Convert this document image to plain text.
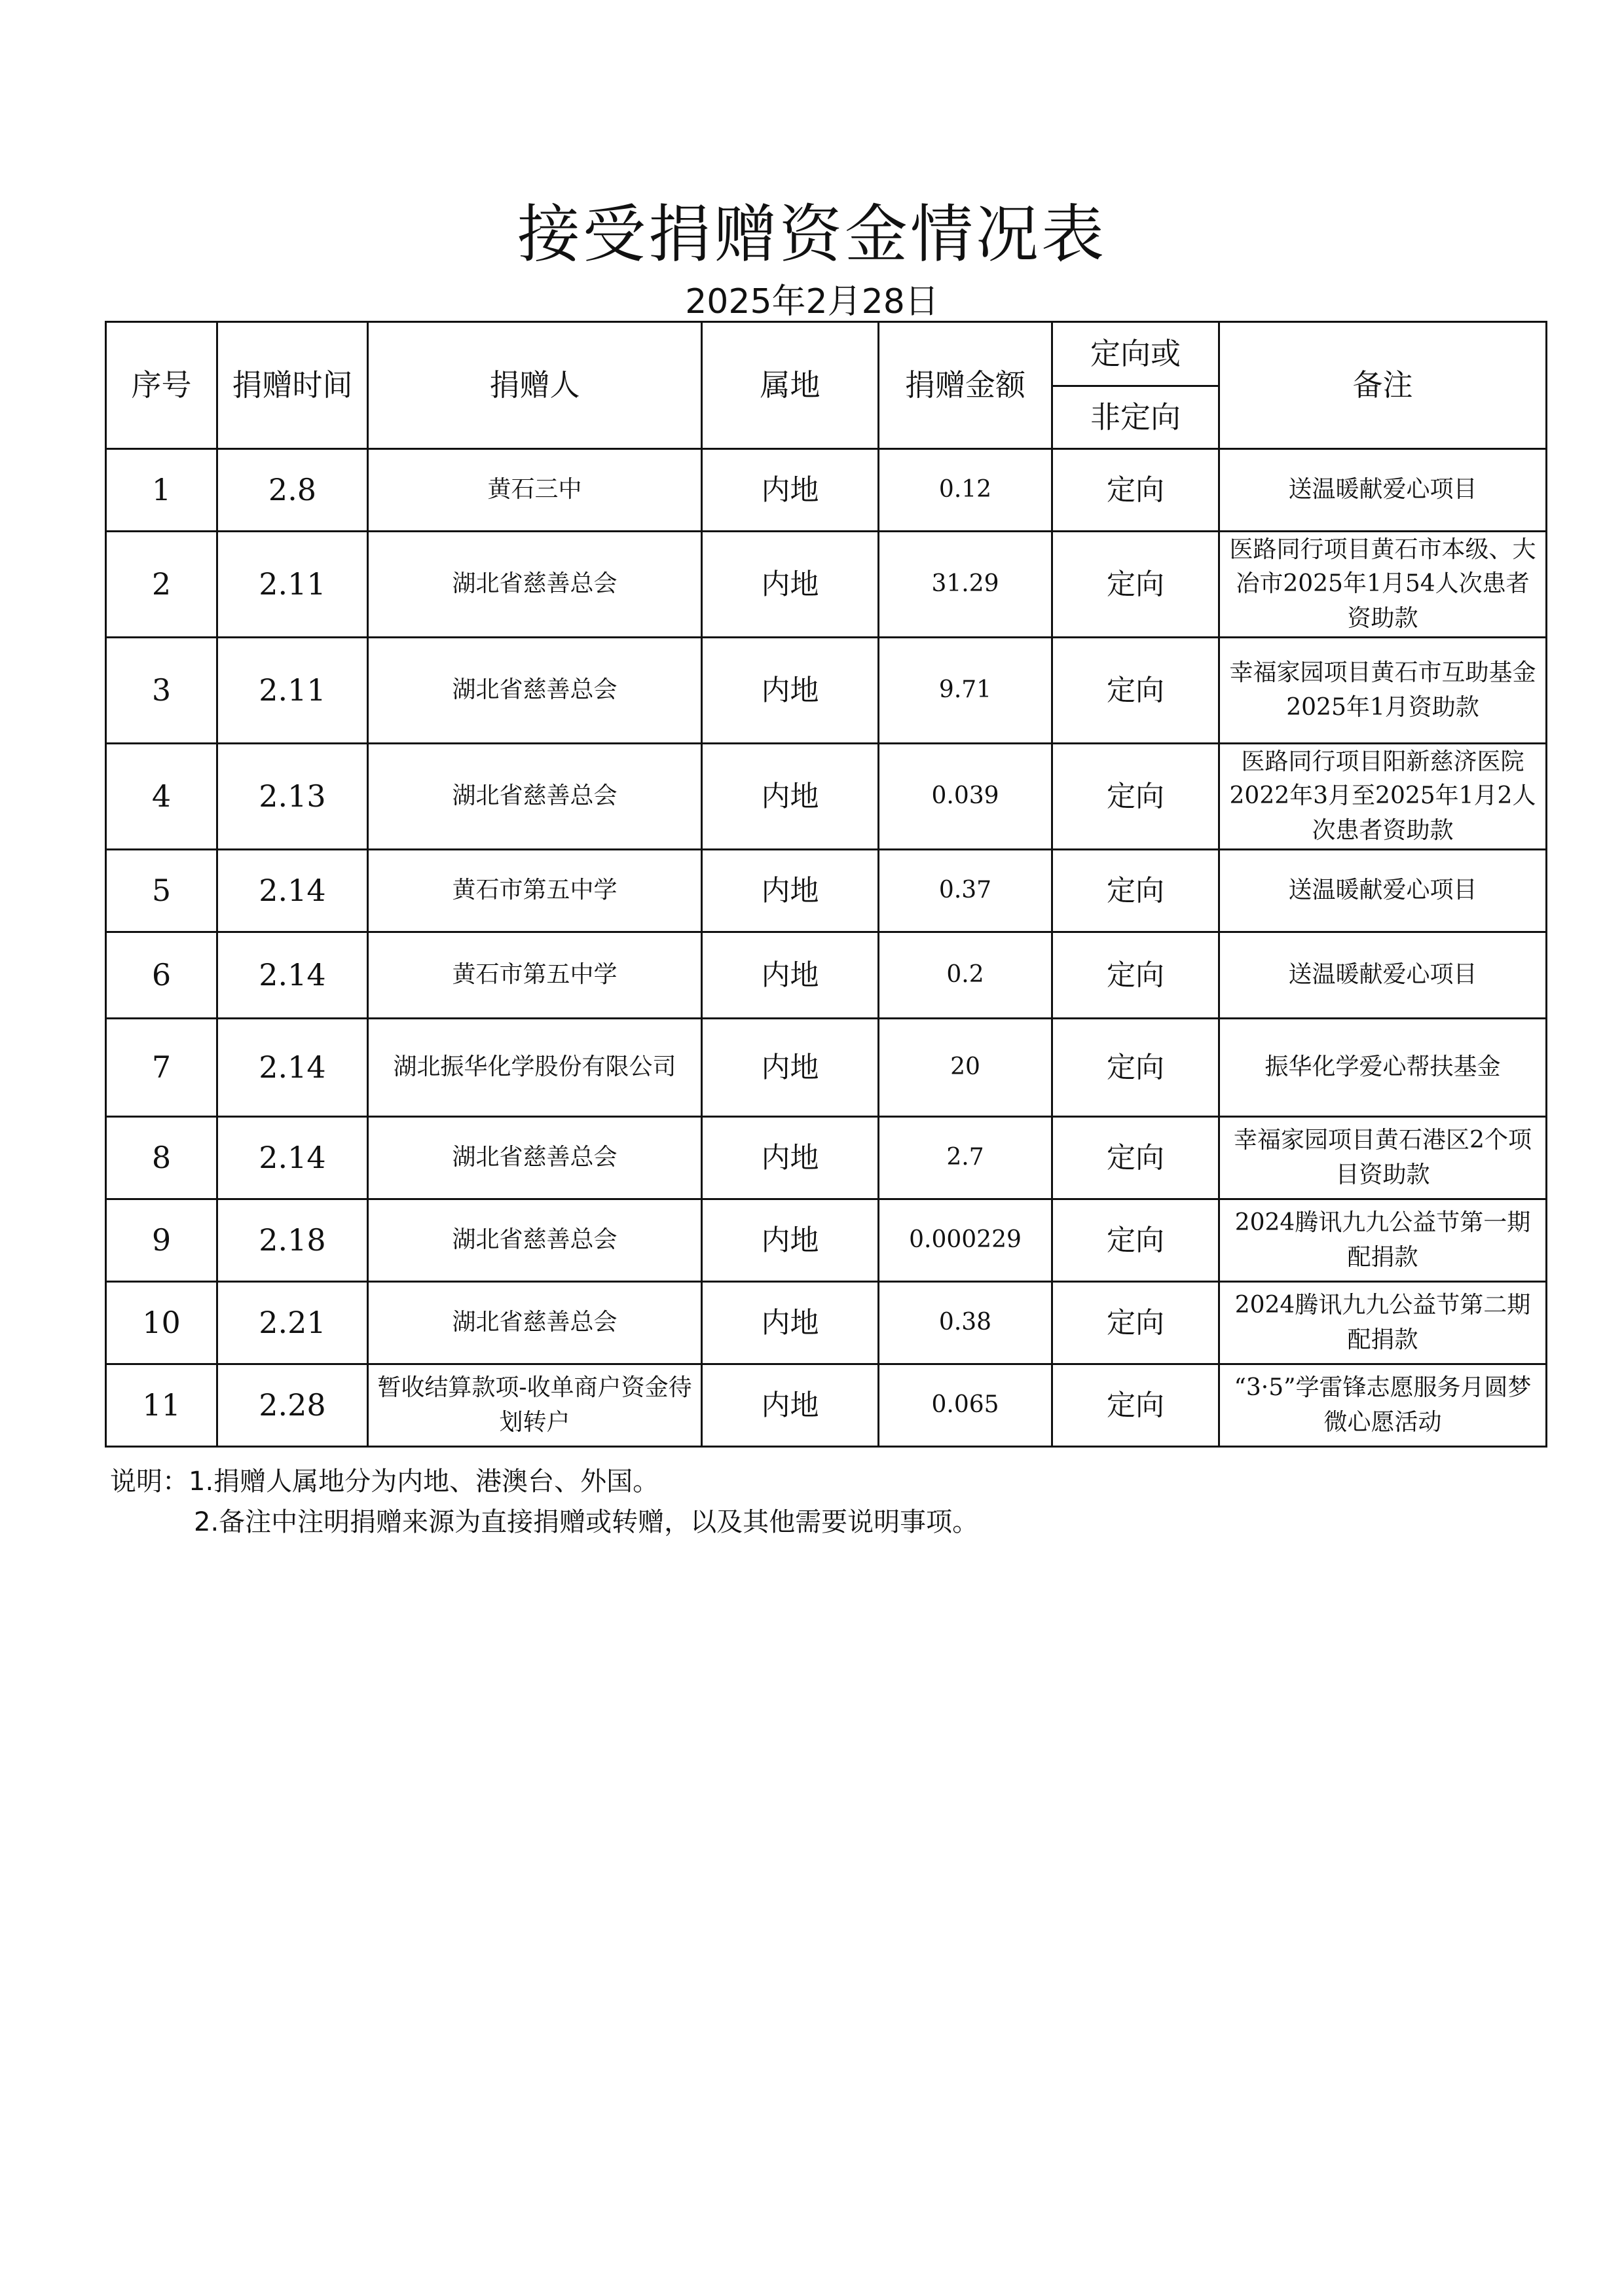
接受捐赠资金情况表
2025年2月28日
序号	捐赠时间	捐赠人	属地	捐赠金额	定向或	备注
					非定向	
1	2.8	黄石三中	内地	0.12	定向	送温暖献爱心项目
2	2.11	湖北省慈善总会	内地	31.29	定向	医路同行项目黄石市本级、大冶市2025年1月54人次患者资助款
3	2.11	湖北省慈善总会	内地	9.71	定向	幸福家园项目黄石市互助基金2025年1月资助款
4	2.13	湖北省慈善总会	内地	0.039	定向	医路同行项目阳新慈济医院2022年3月至2025年1月2人次患者资助款
5	2.14	黄石市第五中学	内地	0.37	定向	送温暖献爱心项目
6	2.14	黄石市第五中学	内地	0.2	定向	送温暖献爱心项目
7	2.14	湖北振华化学股份有限公司	内地	20	定向	振华化学爱心帮扶基金
8	2.14	湖北省慈善总会	内地	2.7	定向	幸福家园项目黄石港区2个项目资助款
9	2.18	湖北省慈善总会	内地	0.000229	定向	2024腾讯九九公益节第一期配捐款
10	2.21	湖北省慈善总会	内地	0.38	定向	2024腾讯九九公益节第二期配捐款
11	2.28	暂收结算款项-收单商户资金待划转户	内地	0.065	定向	“3·5”学雷锋志愿服务月圆梦微心愿活动
说明：1.捐赠人属地分为内地、港澳台、外国。
2.备注中注明捐赠来源为直接捐赠或转赠，以及其他需要说明事项。
